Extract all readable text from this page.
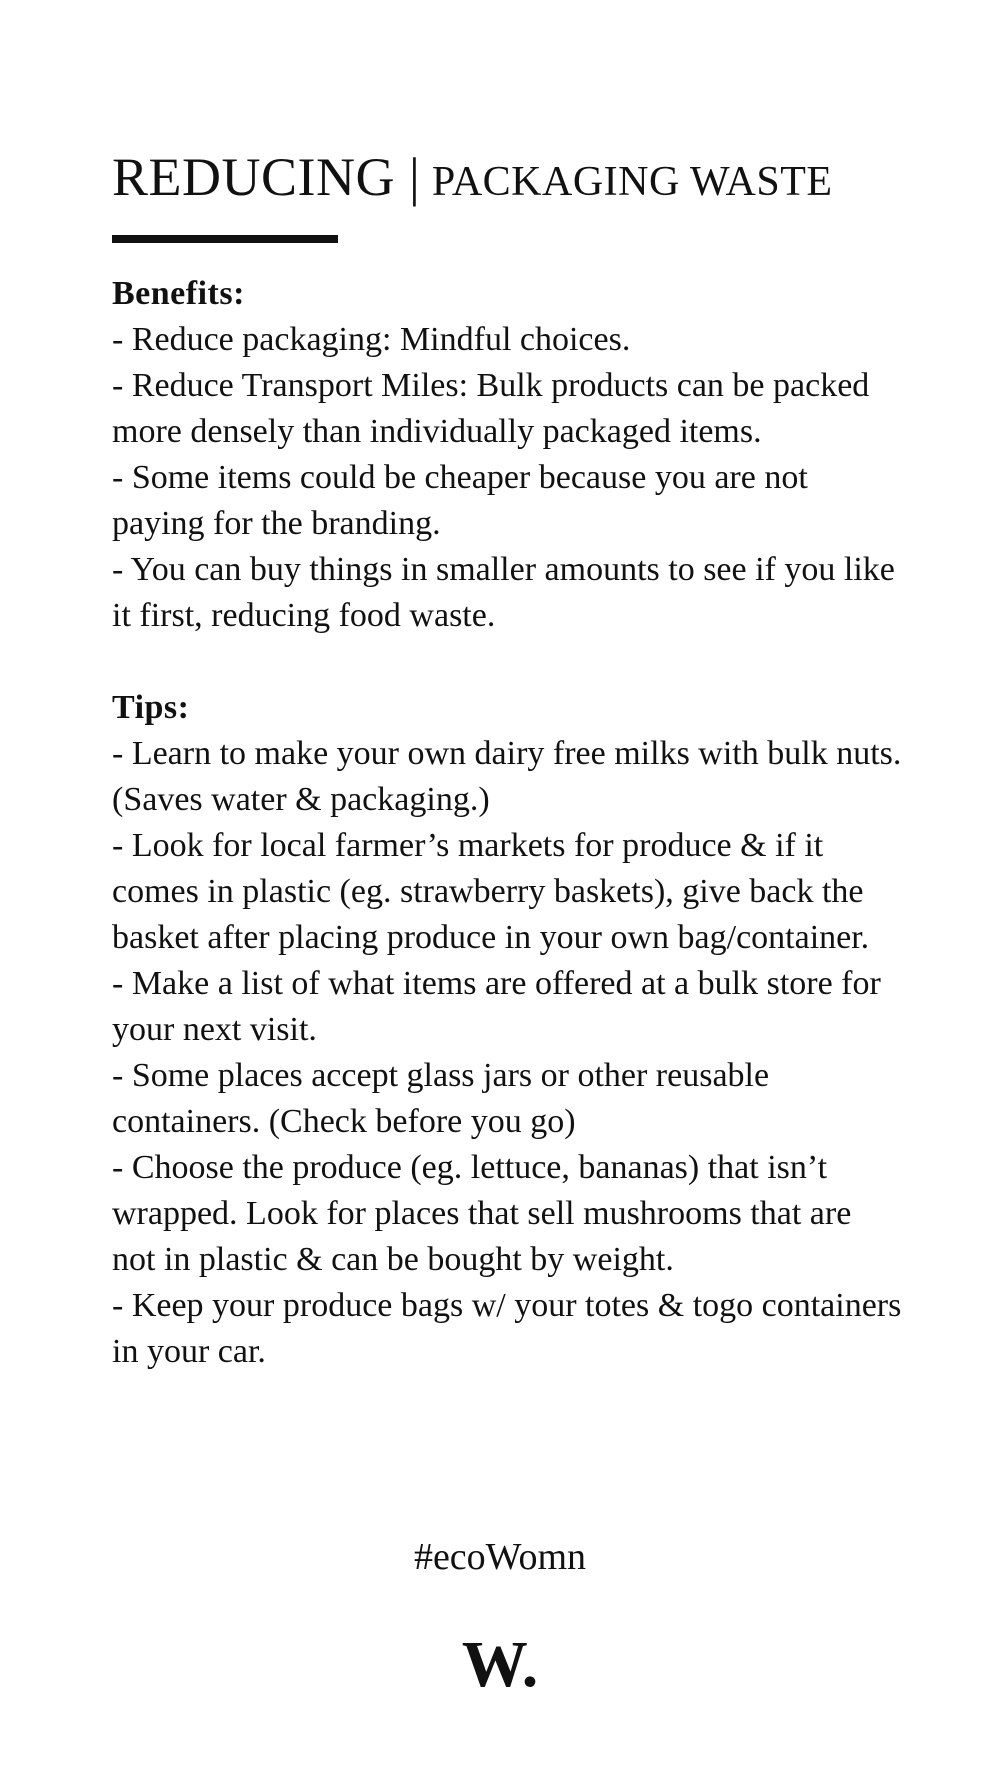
REDUCING | PACKAGING WASTE
Benefits:

- Reduce packaging: Mindful choices.

- Reduce Transport Miles: Bulk products can be packed more densely than individually packaged items.

- Some items could be cheaper because you are not paying for the branding.

- You can buy things in smaller amounts to see if you like it first, reducing food waste.

Tips:

- Learn to make your own dairy free milks with bulk nuts. (Saves water & packaging.)

- Look for local farmer’s markets for produce & if it comes in plastic (eg. strawberry baskets), give back the basket after placing produce in your own bag/container.

- Make a list of what items are offered at a bulk store for your next visit.

- Some places accept glass jars or other reusable containers. (Check before you go)

- Choose the produce (eg. lettuce, bananas) that isn’t wrapped. Look for places that sell mushrooms that are not in plastic & can be bought by weight.

- Keep your produce bags w/ your totes & togo containers in your car.

#ecoWomn
W.
